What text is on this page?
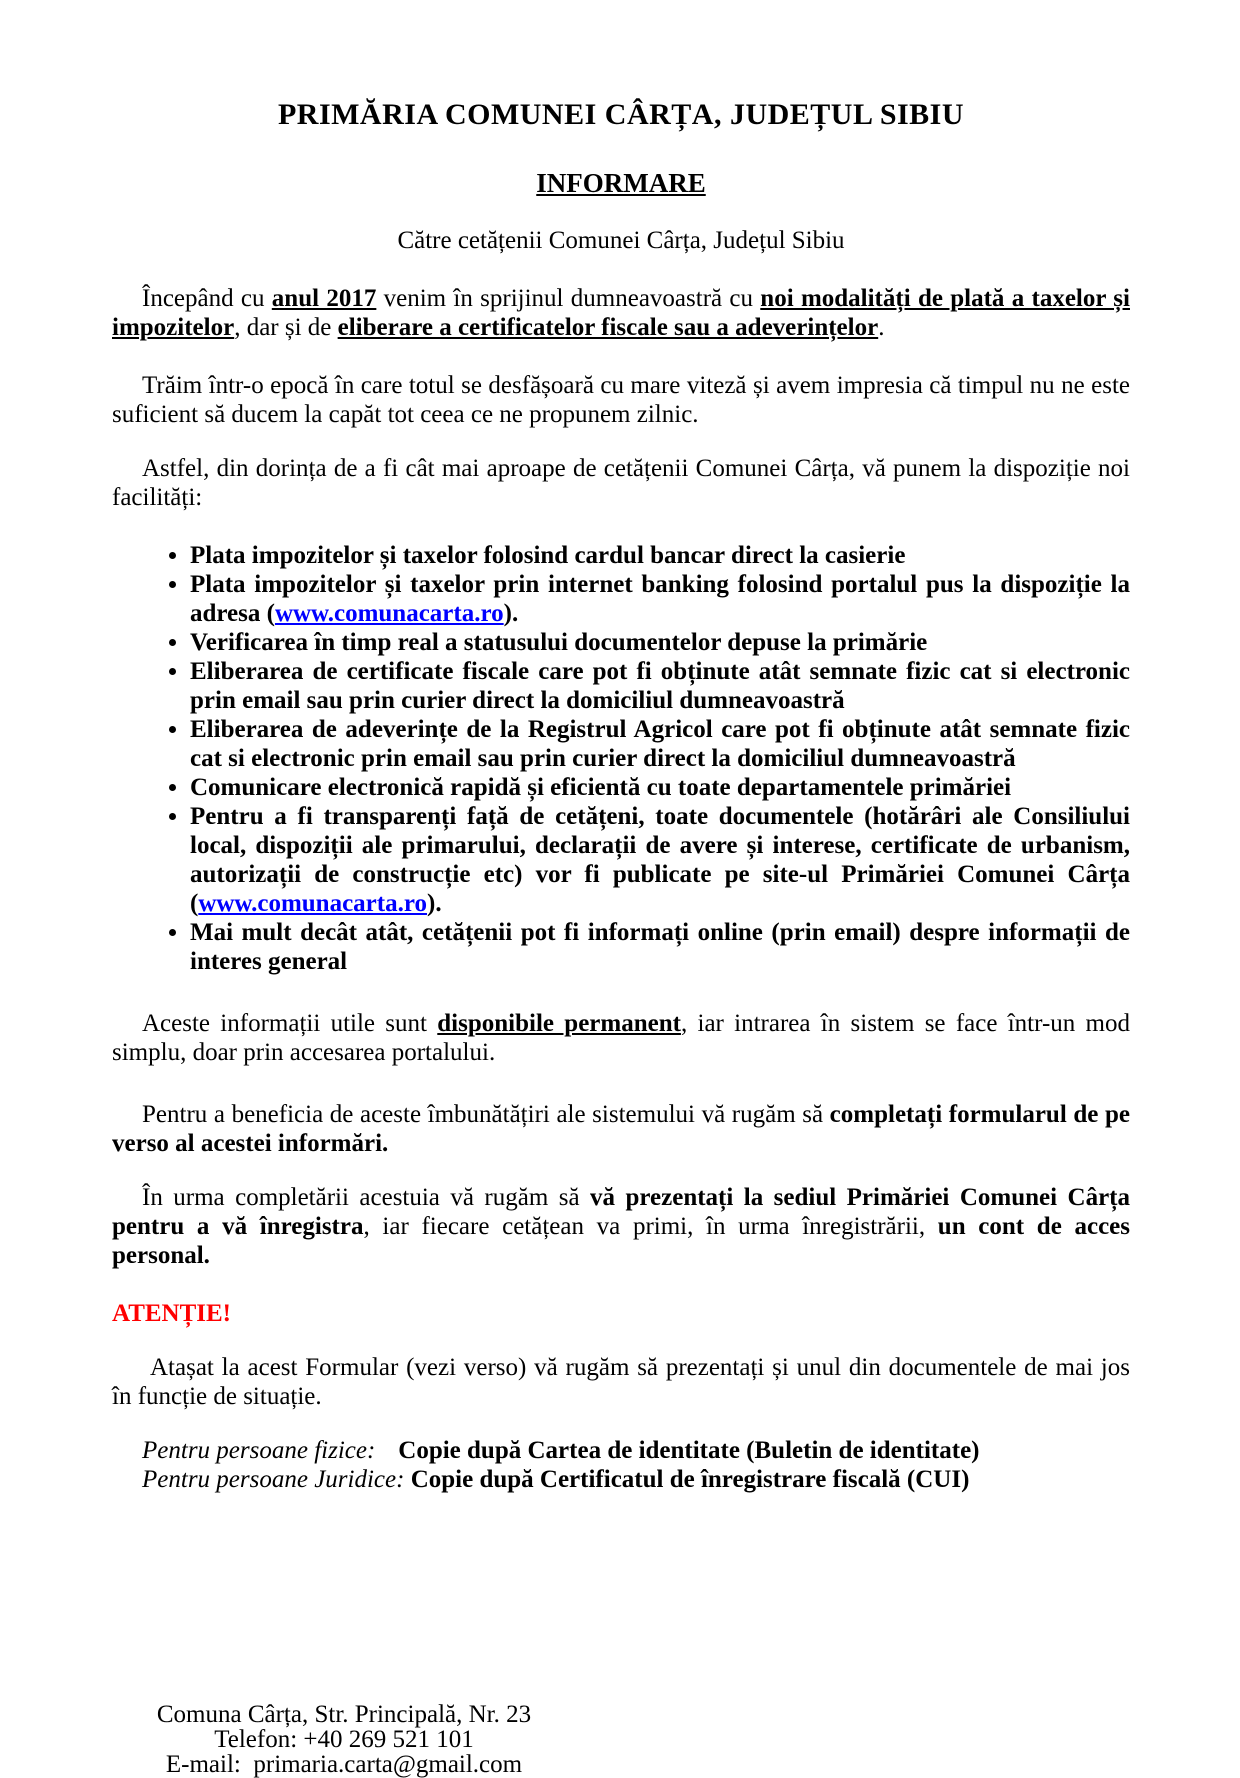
PRIMĂRIA COMUNEI CÂRȚA, JUDEȚUL SIBIU
INFORMARE
Către cetățenii Comunei Cârța, Județul Sibiu

Începând cu anul 2017 venim în sprijinul dumneavoastră cu noi modalități de plată a taxelor și impozitelor, dar și de eliberare a certificatelor fiscale sau a adeverințelor.

Trăim într-o epocă în care totul se desfășoară cu mare viteză și avem impresia că timpul nu ne este suficient să ducem la capăt tot ceea ce ne propunem zilnic.

Astfel, din dorința de a fi cât mai aproape de cetățenii Comunei Cârța, vă punem la dispoziție noi facilități:

• Plata impozitelor și taxelor folosind cardul bancar direct la casierie
• Plata impozitelor și taxelor prin internet banking folosind portalul pus la dispoziție la adresa (www.comunacarta.ro).
• Verificarea în timp real a statusului documentelor depuse la primărie
• Eliberarea de certificate fiscale care pot fi obținute atât semnate fizic cat si electronic prin email sau prin curier direct la domiciliul dumneavoastră
• Eliberarea de adeverințe de la Registrul Agricol care pot fi obținute atât semnate fizic cat si electronic prin email sau prin curier direct la domiciliul dumneavoastră
• Comunicare electronică rapidă și eficientă cu toate departamentele primăriei
• Pentru a fi transparenți față de cetățeni, toate documentele (hotărâri ale Consiliului local, dispoziții ale primarului, declarații de avere și interese, certificate de urbanism, autorizații de construcție etc) vor fi publicate pe site-ul Primăriei Comunei Cârța (www.comunacarta.ro).
• Mai mult decât atât, cetățenii pot fi informați online (prin email) despre informații de interes general

Aceste informații utile sunt disponibile permanent, iar intrarea în sistem se face într-un mod simplu, doar prin accesarea portalului.

Pentru a beneficia de aceste îmbunătățiri ale sistemului vă rugăm să completați formularul de pe verso al acestei informări.

În urma completării acestuia vă rugăm să vă prezentați la sediul Primăriei Comunei Cârța pentru a vă înregistra, iar fiecare cetățean va primi, în urma înregistrării, un cont de acces personal.

ATENȚIE!

Atașat la acest Formular (vezi verso) vă rugăm să prezentați și unul din documentele de mai jos în funcție de situație.

Pentru persoane fizice: Copie după Cartea de identitate (Buletin de identitate)
Pentru persoane Juridice: Copie după Certificatul de înregistrare fiscală (CUI)
Comuna Cârța, Str. Principală, Nr. 23
Telefon: +40 269 521 101
E-mail:  primaria.carta@gmail.com
